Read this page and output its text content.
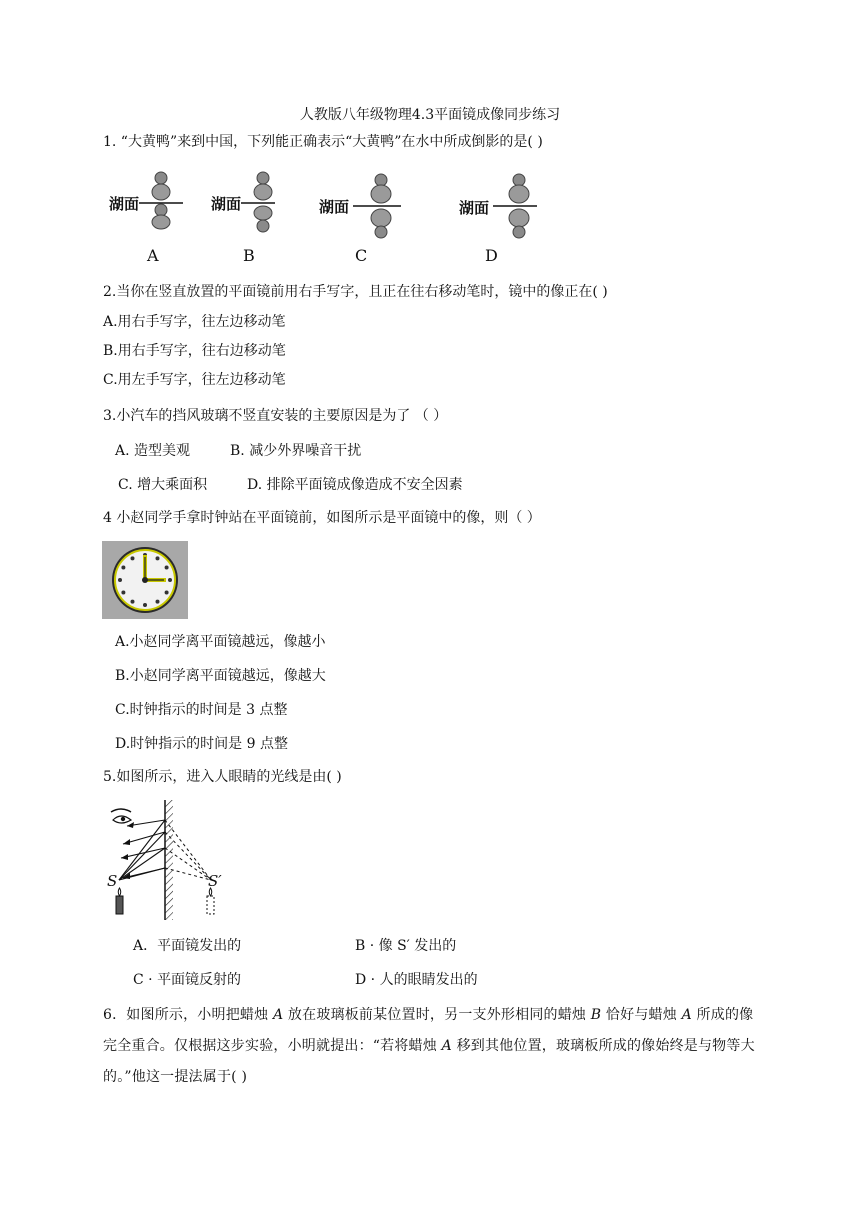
人教版八年级物理4.3平面镜成像同步练习
1. “大黄鸭”来到中国，下列能正确表示“大黄鸭”在水中所成倒影的是( )
湖面
A
湖面
B
湖面
C
湖面
D
2.当你在竖直放置的平面镜前用右手写字，且正在往右移动笔时，镜中的像正在( )
A.用右手写字，往左边移动笔
B.用右手写字，往右边移动笔
C.用左手写字，往左边移动笔
3.小汽车的挡风玻璃不竖直安装的主要原因是为了 （ ）
A. 造型美观	B. 减少外界噪音干扰
C. 增大乘面积	D. 排除平面镜成像造成不安全因素
4 小赵同学手拿时钟站在平面镜前，如图所示是平面镜中的像，则（ ）
A.小赵同学离平面镜越远，像越小
B.小赵同学离平面镜越远，像越大
C.时钟指示的时间是 3 点整
D.时钟指示的时间是 9 点整
5.如图所示，进入人眼睛的光线是由( )
S	S′
A．平面镜发出的	B · 像 S′ 发出的
C · 平面镜反射的	D · 人的眼睛发出的
6．如图所示，小明把蜡烛 A 放在玻璃板前某位置时，另一支外形相同的蜡烛 B 恰好与蜡烛 A 所成的像完全重合。仅根据这步实验，小明就提出：“若将蜡烛 A 移到其他位置，玻璃板所成的像始终是与物等大的。”他这一提法属于( )
